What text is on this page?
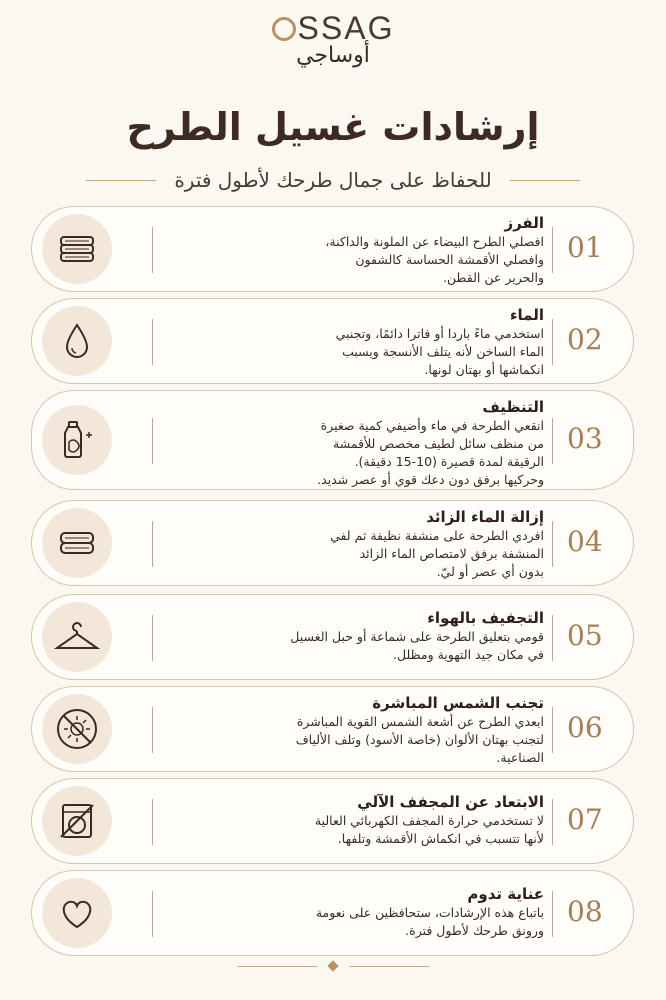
SSAG
أوساجي
إرشادات غسيل الطرح
للحفاظ على جمال طرحك لأطول فترة
الفرز
افصلي الطرح البيضاء عن الملونة والداكنة،
وافصلي الأقمشة الحساسة كالشفون
والحرير عن القطن.
01
الماء
استخدمي ماءً باردا أو فاترا دائمًا، وتجنبي
الماء الساخن لأنه يتلف الأنسجة ويسبب
انكماشها أو بهتان لونها.
02
التنظيف
انقعي الطرحة في ماء وأضيفي كمية صغيرة
من منظف سائل لطيف مخصص للأقمشة
الرقيقة لمدة قصيرة (10-15 دقيقة).
وحركيها برفق دون دعك قوي أو عصر شديد.
03
إزالة الماء الزائد
افردي الطرحة على منشفة نظيفة ثم لفي
المنشفة برفق لامتصاص الماء الزائد
بدون أي عصر أو ليّ.
04
التجفيف بالهواء
قومي بتعليق الطرحة على شماعة أو حبل الغسيل
في مكان جيد التهوية ومظلل.
05
تجنب الشمس المباشرة
ابعدي الطرح عن أشعة الشمس القوية المباشرة
لتجنب بهتان الألوان (خاصة الأسود) وتلف الألياف
الصناعية.
06
الابتعاد عن المجفف الآلي
لا تستخدمي حرارة المجفف الكهربائي العالية
لأنها تتسبب في انكماش الأقمشة وتلفها.
07
عناية تدوم
باتباع هذه الإرشادات، ستحافظين على نعومة
ورونق طرحك لأطول فترة.
08
